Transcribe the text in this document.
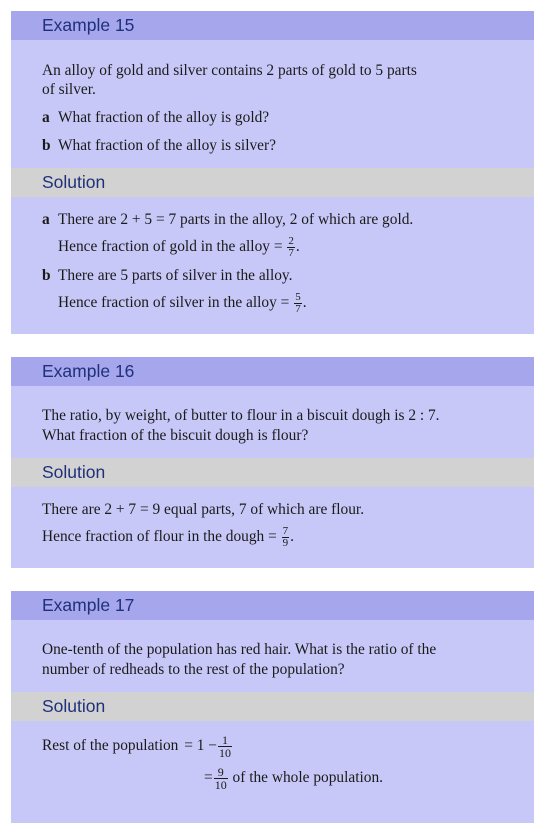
Example 15
An alloy of gold and silver contains 2 parts of gold to 5 parts
of silver.
a What fraction of the alloy is gold?
b What fraction of the alloy is silver?
Solution
a There are 2 + 5 = 7 parts in the alloy, 2 of which are gold.
Hence fraction of gold in the alloy = $\frac{2}{7}$ .
b There are 5 parts of silver in the alloy.
Hence fraction of silver in the alloy = $\frac{5}{7}$ .
Example 16
The ratio, by weight, of butter to flour in a biscuit dough is 2 : 7.
What fraction of the biscuit dough is flour?
Solution
There are 2 + 7 = 9 equal parts, 7 of which are flour.
Hence fraction of flour in the dough = $\frac{7}{9}$ .
Example 17
One-tenth of the population has red hair. What is the ratio of the
number of redheads to the rest of the population?
Solution
Rest of the population = $1 - \frac{1}{10}$
= $\frac{9}{10}$ of the whole population.
